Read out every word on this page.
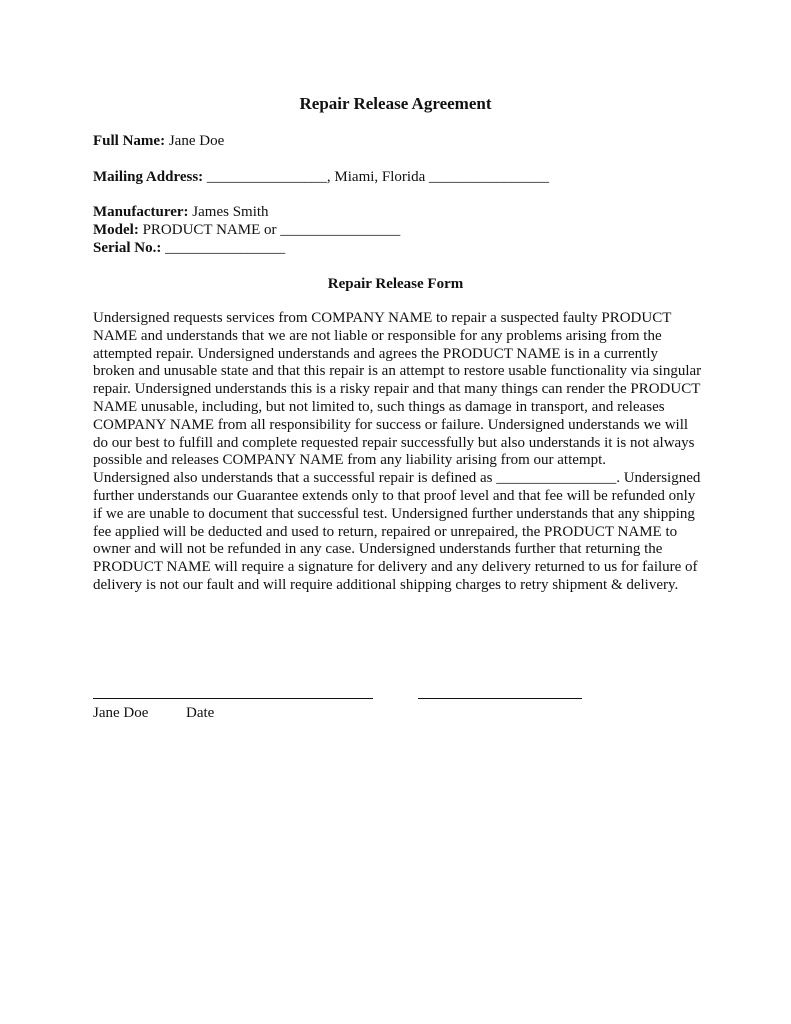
Repair Release Agreement
Full Name: Jane Doe
Mailing Address: ________________, Miami, Florida ________________
Manufacturer: James Smith
Model: PRODUCT NAME or ________________
Serial No.: ________________
Repair Release Form

Undersigned requests services from COMPANY NAME to repair a suspected faulty PRODUCT NAME and understands that we are not liable or responsible for any problems arising from the attempted repair. Undersigned understands and agrees the PRODUCT NAME is in a currently broken and unusable state and that this repair is an attempt to restore usable functionality via singular repair. Undersigned understands this is a risky repair and that many things can render the PRODUCT NAME unusable, including, but not limited to, such things as damage in transport, and releases COMPANY NAME from all responsibility for success or failure. Undersigned understands we will do our best to fulfill and complete requested repair successfully but also understands it is not always possible and releases COMPANY NAME from any liability arising from our attempt.

Undersigned also understands that a successful repair is defined as ________________. Undersigned further understands our Guarantee extends only to that proof level and that fee will be refunded only if we are unable to document that successful test. Undersigned further understands that any shipping fee applied will be deducted and used to return, repaired or unrepaired, the PRODUCT NAME to owner and will not be refunded in any case. Undersigned understands further that returning the PRODUCT NAME will require a signature for delivery and any delivery returned to us for failure of delivery is not our fault and will require additional shipping charges to retry shipment & delivery.

Jane Doe	Date
